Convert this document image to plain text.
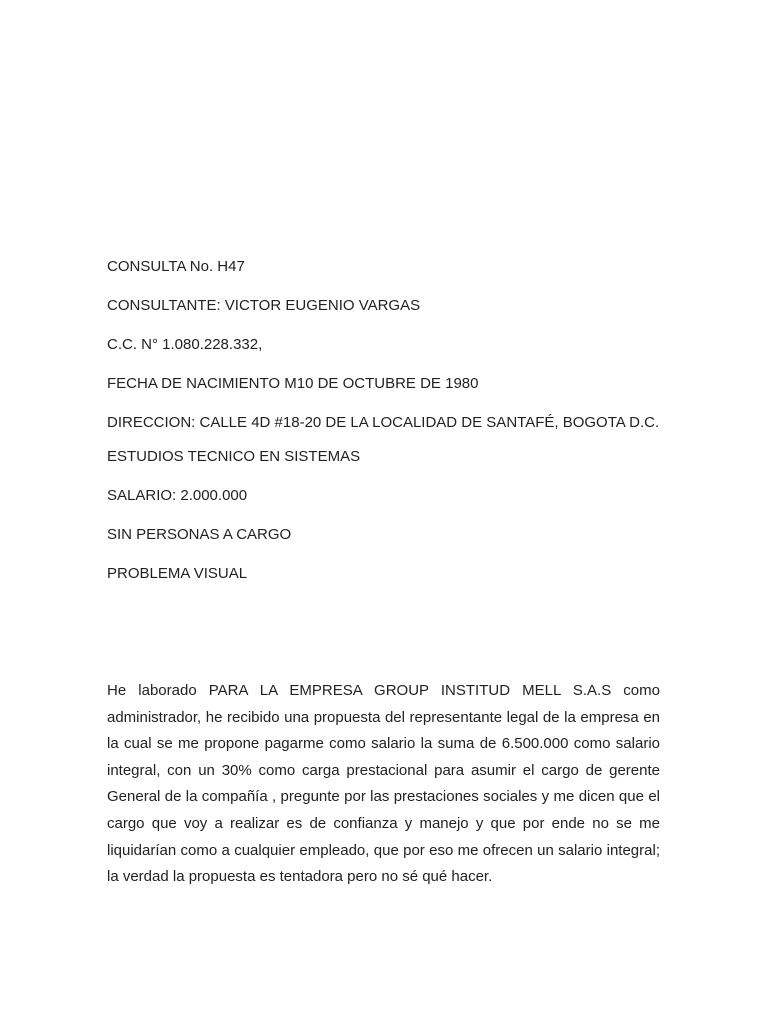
CONSULTA No. H47

CONSULTANTE: VICTOR EUGENIO VARGAS

C.C. N° 1.080.228.332,

FECHA DE NACIMIENTO M10 DE OCTUBRE DE 1980

DIRECCION: CALLE 4D #18-20 DE LA LOCALIDAD DE SANTAFÉ, BOGOTA D.C.

ESTUDIOS TECNICO EN SISTEMAS

SALARIO: 2.000.000

SIN PERSONAS A CARGO

PROBLEMA VISUAL

He laborado PARA LA EMPRESA GROUP INSTITUD MELL S.A.S como administrador, he recibido una propuesta del representante legal de la empresa en la cual se me propone pagarme como salario la suma de 6.500.000 como salario integral, con un 30% como carga prestacional para asumir el cargo de gerente General de la compañía , pregunte por las prestaciones sociales y me dicen que el cargo que voy a realizar es de confianza y manejo y que por ende no se me liquidarían como a cualquier empleado, que por eso me ofrecen un salario integral; la verdad la propuesta es tentadora pero no sé qué hacer.
